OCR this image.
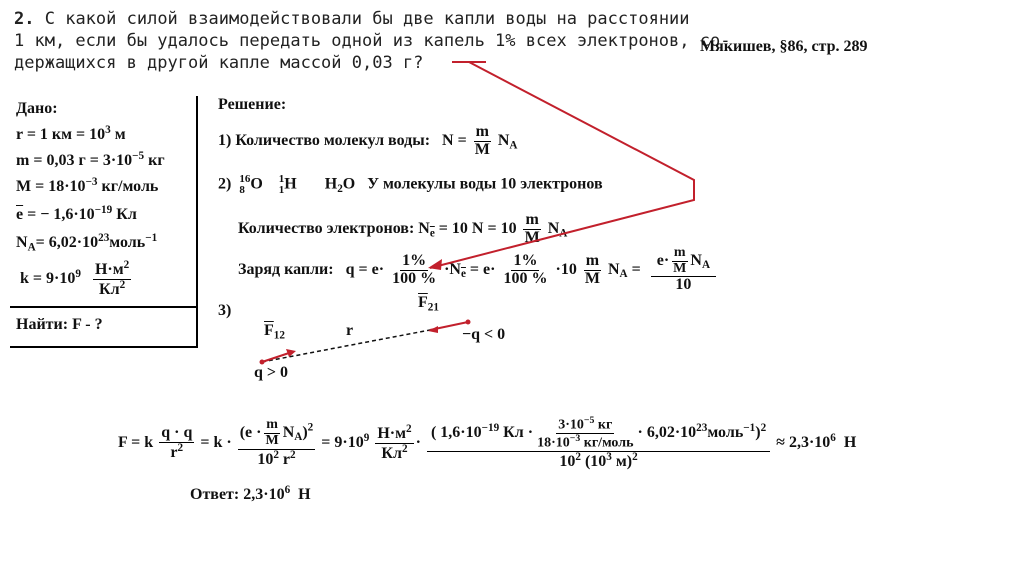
2. С какой силой взаимодействовали бы две капли воды на расстоянии
1 км, если бы удалось передать одной из капель 1% всех электронов, со-
держащихся в другой капле массой 0,03 г?
Мякишев, §86, стр. 289
Дано:
r = 1 км = $10^3$ м
m = 0,03 $г = 3\cdot 10^{-5}$ кг
$M = 18\cdot 10^{-3}$ кг/моль
$\overline{e}$ = − $1,6\cdot 10^{-19}$ Кл
$N_A=$ $6,02\cdot 10^{23}моль^{-1}$
$k = 9\cdot 10^9 \frac{Н\cdot м^2}{Кл^2}$
Найти: F - ?
Решение:
1) Количество молекул воды: $N = \frac{m}{M} N_A$
2) 16
8 O 1
1 H $H_2O$ У молекулы воды 10 электронов
Количество электронов: $N_{\overline{e}} = 10$ $N = 10 \frac{m}{M} N_A$
Заряд капли: $q = e\cdot \frac{1\%}{100 \%} \cdot N_{\overline{e}} = e\cdot \frac{1\%}{100 \%} \cdot 10 \frac{m}{M} N_A = \frac{e\cdot \frac{m}{M} N_A}{10}$
3)
$\overline{F}_{12}$
$\overline{F}_{21}$
r
q > 0
−q < 0
F = k $\frac{q \cdot q}{r^2} = k \cdot \frac{(e \cdot \frac{m}{M} N_A)^2}{10^2 r^2} = 9\cdot 10^9 \frac{Н\cdot м^2}{Кл^2} \cdot \frac{( 1,6\cdot 10^{-19} Кл \cdot \frac{3\cdot 10^{-5} кг}{18\cdot 10^{-3} кг/моль} \cdot 6,02\cdot 10^{23}моль^{-1})^2}{10^2 (10^3 м)^2} \approx 2,3\cdot 10^6$ Н
Ответ: $2,3\cdot 10^6$ Н
